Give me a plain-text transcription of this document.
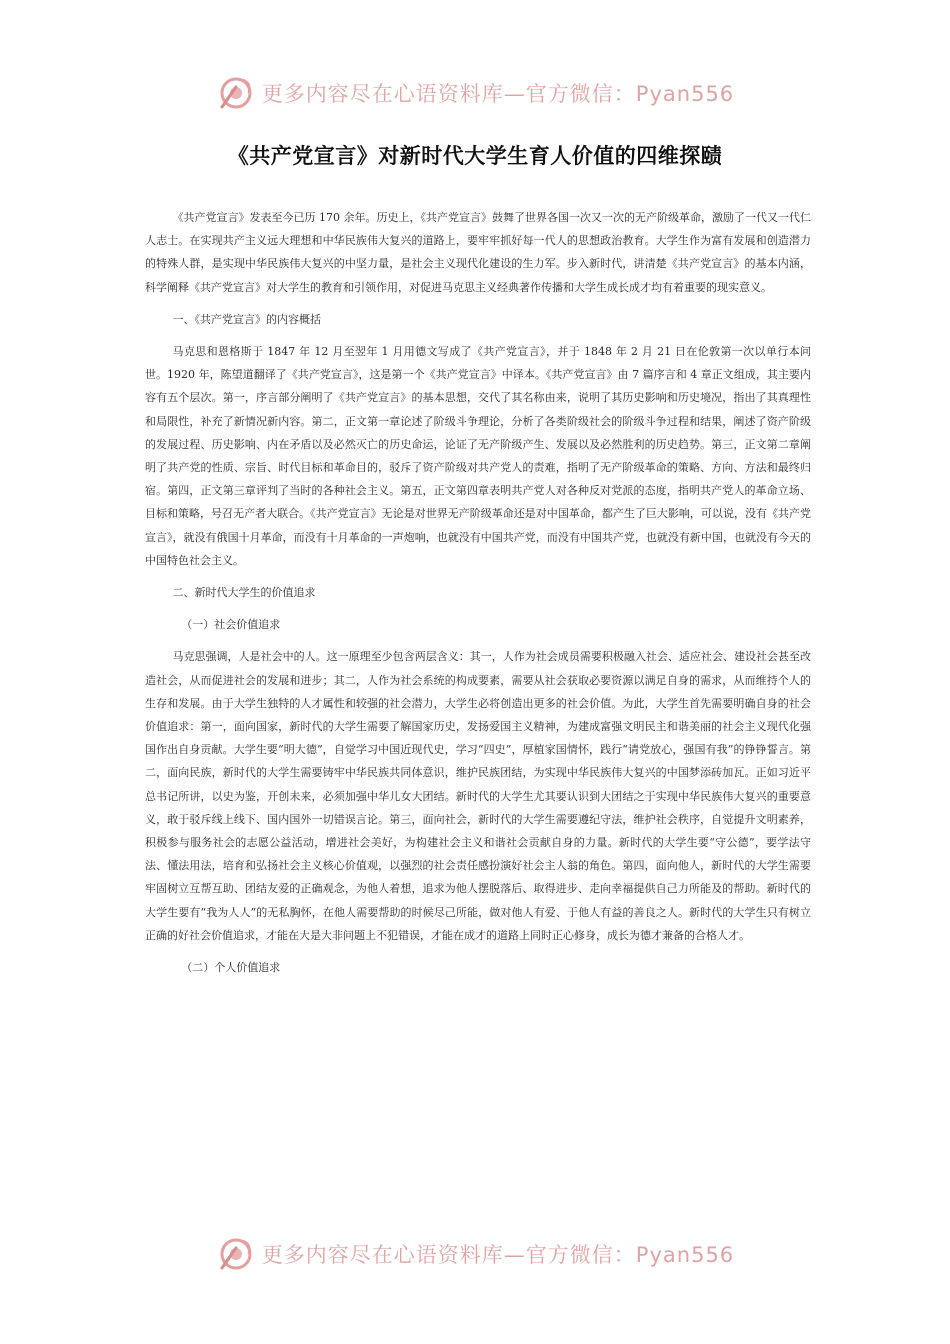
更多内容尽在心语资料库—官方微信：Pyan556
《共产党宣言》对新时代大学生育人价值的四维探赜

《共产党宣言》发表至今已历 170 余年。历史上，《共产党宣言》鼓舞了世界各国一次又一次的无产阶级革命，激励了一代又一代仁人志士。在实现共产主义远大理想和中华民族伟大复兴的道路上，要牢牢抓好每一代人的思想政治教育。大学生作为富有发展和创造潜力的特殊人群，是实现中华民族伟大复兴的中坚力量，是社会主义现代化建设的生力军。步入新时代，讲清楚《共产党宣言》的基本内涵，科学阐释《共产党宣言》对大学生的教育和引领作用，对促进马克思主义经典著作传播和大学生成长成才均有着重要的现实意义。

一、《共产党宣言》的内容概括

马克思和恩格斯于 1847 年 12 月至翌年 1 月用德文写成了《共产党宣言》，并于 1848 年 2 月 21 日在伦敦第一次以单行本问世。1920 年，陈望道翻译了《共产党宣言》，这是第一个《共产党宣言》中译本。《共产党宣言》由 7 篇序言和 4 章正文组成，其主要内容有五个层次。第一，序言部分阐明了《共产党宣言》的基本思想，交代了其名称由来，说明了其历史影响和历史境况，指出了其真理性和局限性，补充了新情况新内容。第二，正文第一章论述了阶级斗争理论，分析了各类阶级社会的阶级斗争过程和结果，阐述了资产阶级的发展过程、历史影响、内在矛盾以及必然灭亡的历史命运，论证了无产阶级产生、发展以及必然胜利的历史趋势。第三，正文第二章阐明了共产党的性质、宗旨、时代目标和革命目的，驳斥了资产阶级对共产党人的责难，指明了无产阶级革命的策略、方向、方法和最终归宿。第四，正文第三章评判了当时的各种社会主义。第五，正文第四章表明共产党人对各种反对党派的态度，指明共产党人的革命立场、目标和策略，号召无产者大联合。《共产党宣言》无论是对世界无产阶级革命还是对中国革命，都产生了巨大影响，可以说，没有《共产党宣言》，就没有俄国十月革命，而没有十月革命的一声炮响，也就没有中国共产党，而没有中国共产党，也就没有新中国，也就没有今天的中国特色社会主义。

二、新时代大学生的价值追求

（一）社会价值追求

马克思强调，人是社会中的人。这一原理至少包含两层含义：其一，人作为社会成员需要积极融入社会、适应社会、建设社会甚至改造社会，从而促进社会的发展和进步；其二，人作为社会系统的构成要素，需要从社会获取必要资源以满足自身的需求，从而维持个人的生存和发展。由于大学生独特的人才属性和较强的社会潜力，大学生必将创造出更多的社会价值。为此，大学生首先需要明确自身的社会价值追求：第一，面向国家，新时代的大学生需要了解国家历史，发扬爱国主义精神，为建成富强文明民主和谐美丽的社会主义现代化强国作出自身贡献。大学生要“明大德”，自觉学习中国近现代史，学习“四史”，厚植家国情怀，践行“请党放心，强国有我”的铮铮誓言。第二，面向民族，新时代的大学生需要铸牢中华民族共同体意识，维护民族团结，为实现中华民族伟大复兴的中国梦添砖加瓦。正如习近平总书记所讲，以史为鉴，开创未来，必须加强中华儿女大团结。新时代的大学生尤其要认识到大团结之于实现中华民族伟大复兴的重要意义，敢于驳斥线上线下、国内国外一切错误言论。第三，面向社会，新时代的大学生需要遵纪守法，维护社会秩序，自觉提升文明素养，积极参与服务社会的志愿公益活动，增进社会美好，为构建社会主义和谐社会贡献自身的力量。新时代的大学生要“守公德”，要学法守法、懂法用法，培育和弘扬社会主义核心价值观，以强烈的社会责任感扮演好社会主人翁的角色。第四，面向他人，新时代的大学生需要牢固树立互帮互助、团结友爱的正确观念，为他人着想，追求为他人摆脱落后、取得进步、走向幸福提供自己力所能及的帮助。新时代的大学生要有“我为人人”的无私胸怀，在他人需要帮助的时候尽己所能，做对他人有爱、于他人有益的善良之人。新时代的大学生只有树立正确的好社会价值追求，才能在大是大非问题上不犯错误，才能在成才的道路上同时正心修身，成长为德才兼备的合格人才。

（二）个人价值追求

更多内容尽在心语资料库—官方微信：Pyan556
